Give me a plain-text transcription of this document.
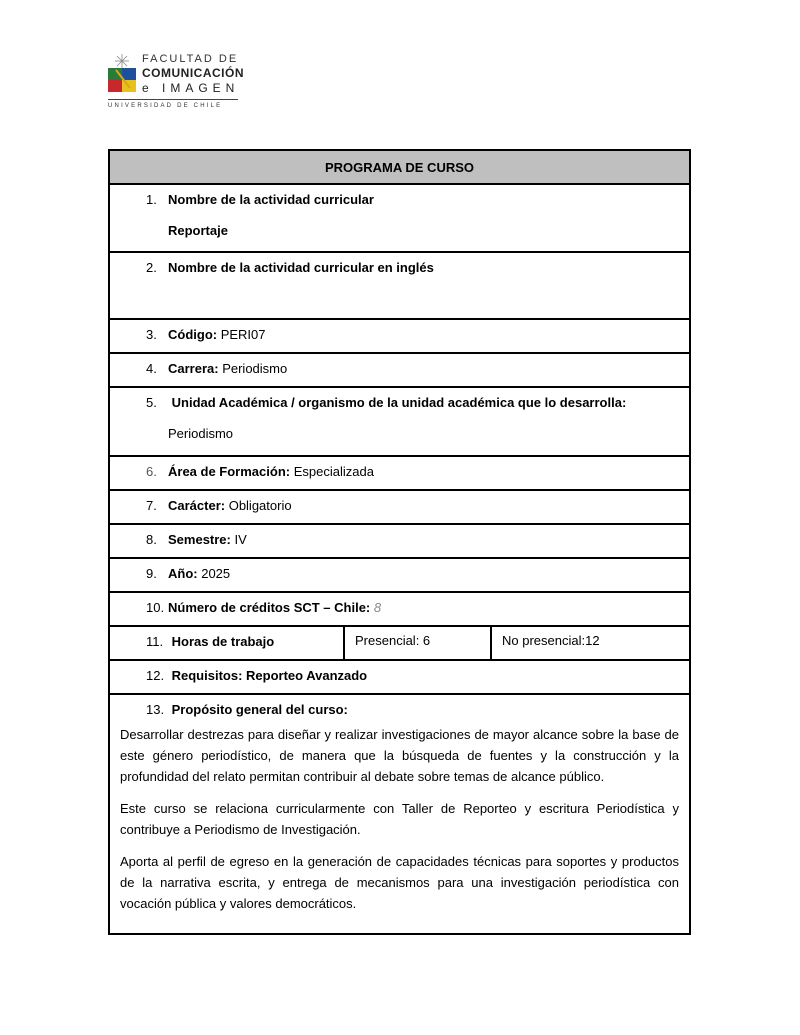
FACULTAD DE
COMUNICACIÓN
e IMAGEN
UNIVERSIDAD DE CHILE
PROGRAMA DE CURSO

1. Nombre de la actividad curricular
Reportaje

2. Nombre de la actividad curricular en inglés

3. Código: PERI07

4. Carrera: Periodismo

5. Unidad Académica / organismo de la unidad académica que lo desarrolla:
Periodismo

6. Área de Formación: Especializada

7. Carácter: Obligatorio

8. Semestre: IV

9. Año: 2025

10. Número de créditos SCT – Chile: 8

11. Horas de trabajo	Presencial: 6	No presencial:12

12. Requisitos: Reporteo Avanzado

13. Propósito general del curso:

Desarrollar destrezas para diseñar y realizar investigaciones de mayor alcance sobre la base de este género periodístico, de manera que la búsqueda de fuentes y la construcción y la profundidad del relato permitan contribuir al debate sobre temas de alcance público.

Este curso se relaciona curricularmente con Taller de Reporteo y escritura Periodística y contribuye a Periodismo de Investigación.

Aporta al perfil de egreso en la generación de capacidades técnicas para soportes y productos de la narrativa escrita, y entrega de mecanismos para una investigación periodística con vocación pública y valores democráticos.
